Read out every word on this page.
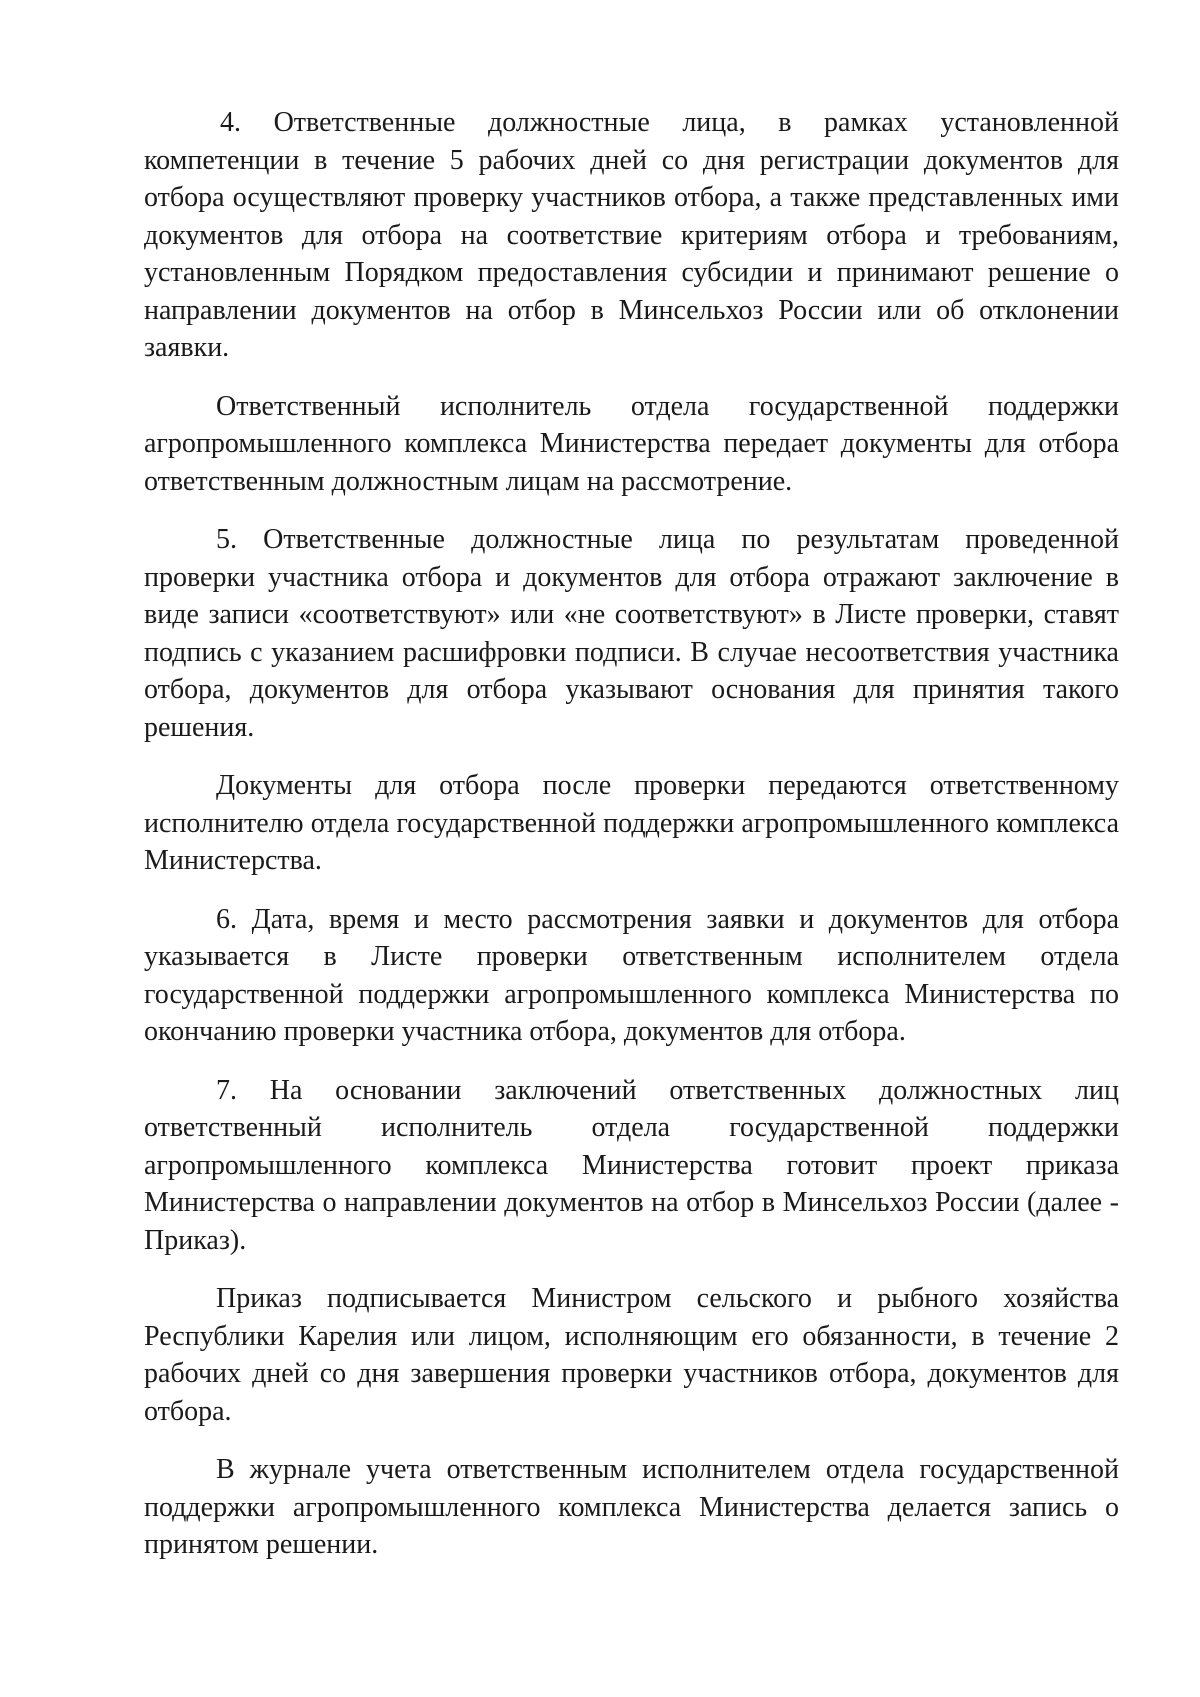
4. Ответственные должностные лица, в рамках установленной компетенции в течение 5 рабочих дней со дня регистрации документов для отбора осуществляют проверку участников отбора, а также представленных ими документов для отбора на соответствие критериям отбора и требованиям, установленным Порядком предоставления субсидии и принимают решение о направлении документов на отбор в Минсельхоз России или об отклонении заявки.

Ответственный исполнитель отдела государственной поддержки агропромышленного комплекса Министерства передает документы для отбора ответственным должностным лицам на рассмотрение.

5. Ответственные должностные лица по результатам проведенной проверки участника отбора и документов для отбора отражают заключение в виде записи «соответствуют» или «не соответствуют» в Листе проверки, ставят подпись с указанием расшифровки подписи. В случае несоответствия участника отбора, документов для отбора указывают основания для принятия такого решения.

Документы для отбора после проверки передаются ответственному исполнителю отдела государственной поддержки агропромышленного комплекса Министерства.

6. Дата, время и место рассмотрения заявки и документов для отбора указывается в Листе проверки ответственным исполнителем отдела государственной поддержки агропромышленного комплекса Министерства по окончанию проверки участника отбора, документов для отбора.

7. На основании заключений ответственных должностных лиц ответственный исполнитель отдела государственной поддержки агропромышленного комплекса Министерства готовит проект приказа Министерства о направлении документов на отбор в Минсельхоз России (далее - Приказ).

Приказ подписывается Министром сельского и рыбного хозяйства Республики Карелия или лицом, исполняющим его обязанности, в течение 2 рабочих дней со дня завершения проверки участников отбора, документов для отбора.

В журнале учета ответственным исполнителем отдела государственной поддержки агропромышленного комплекса Министерства делается запись о принятом решении.
